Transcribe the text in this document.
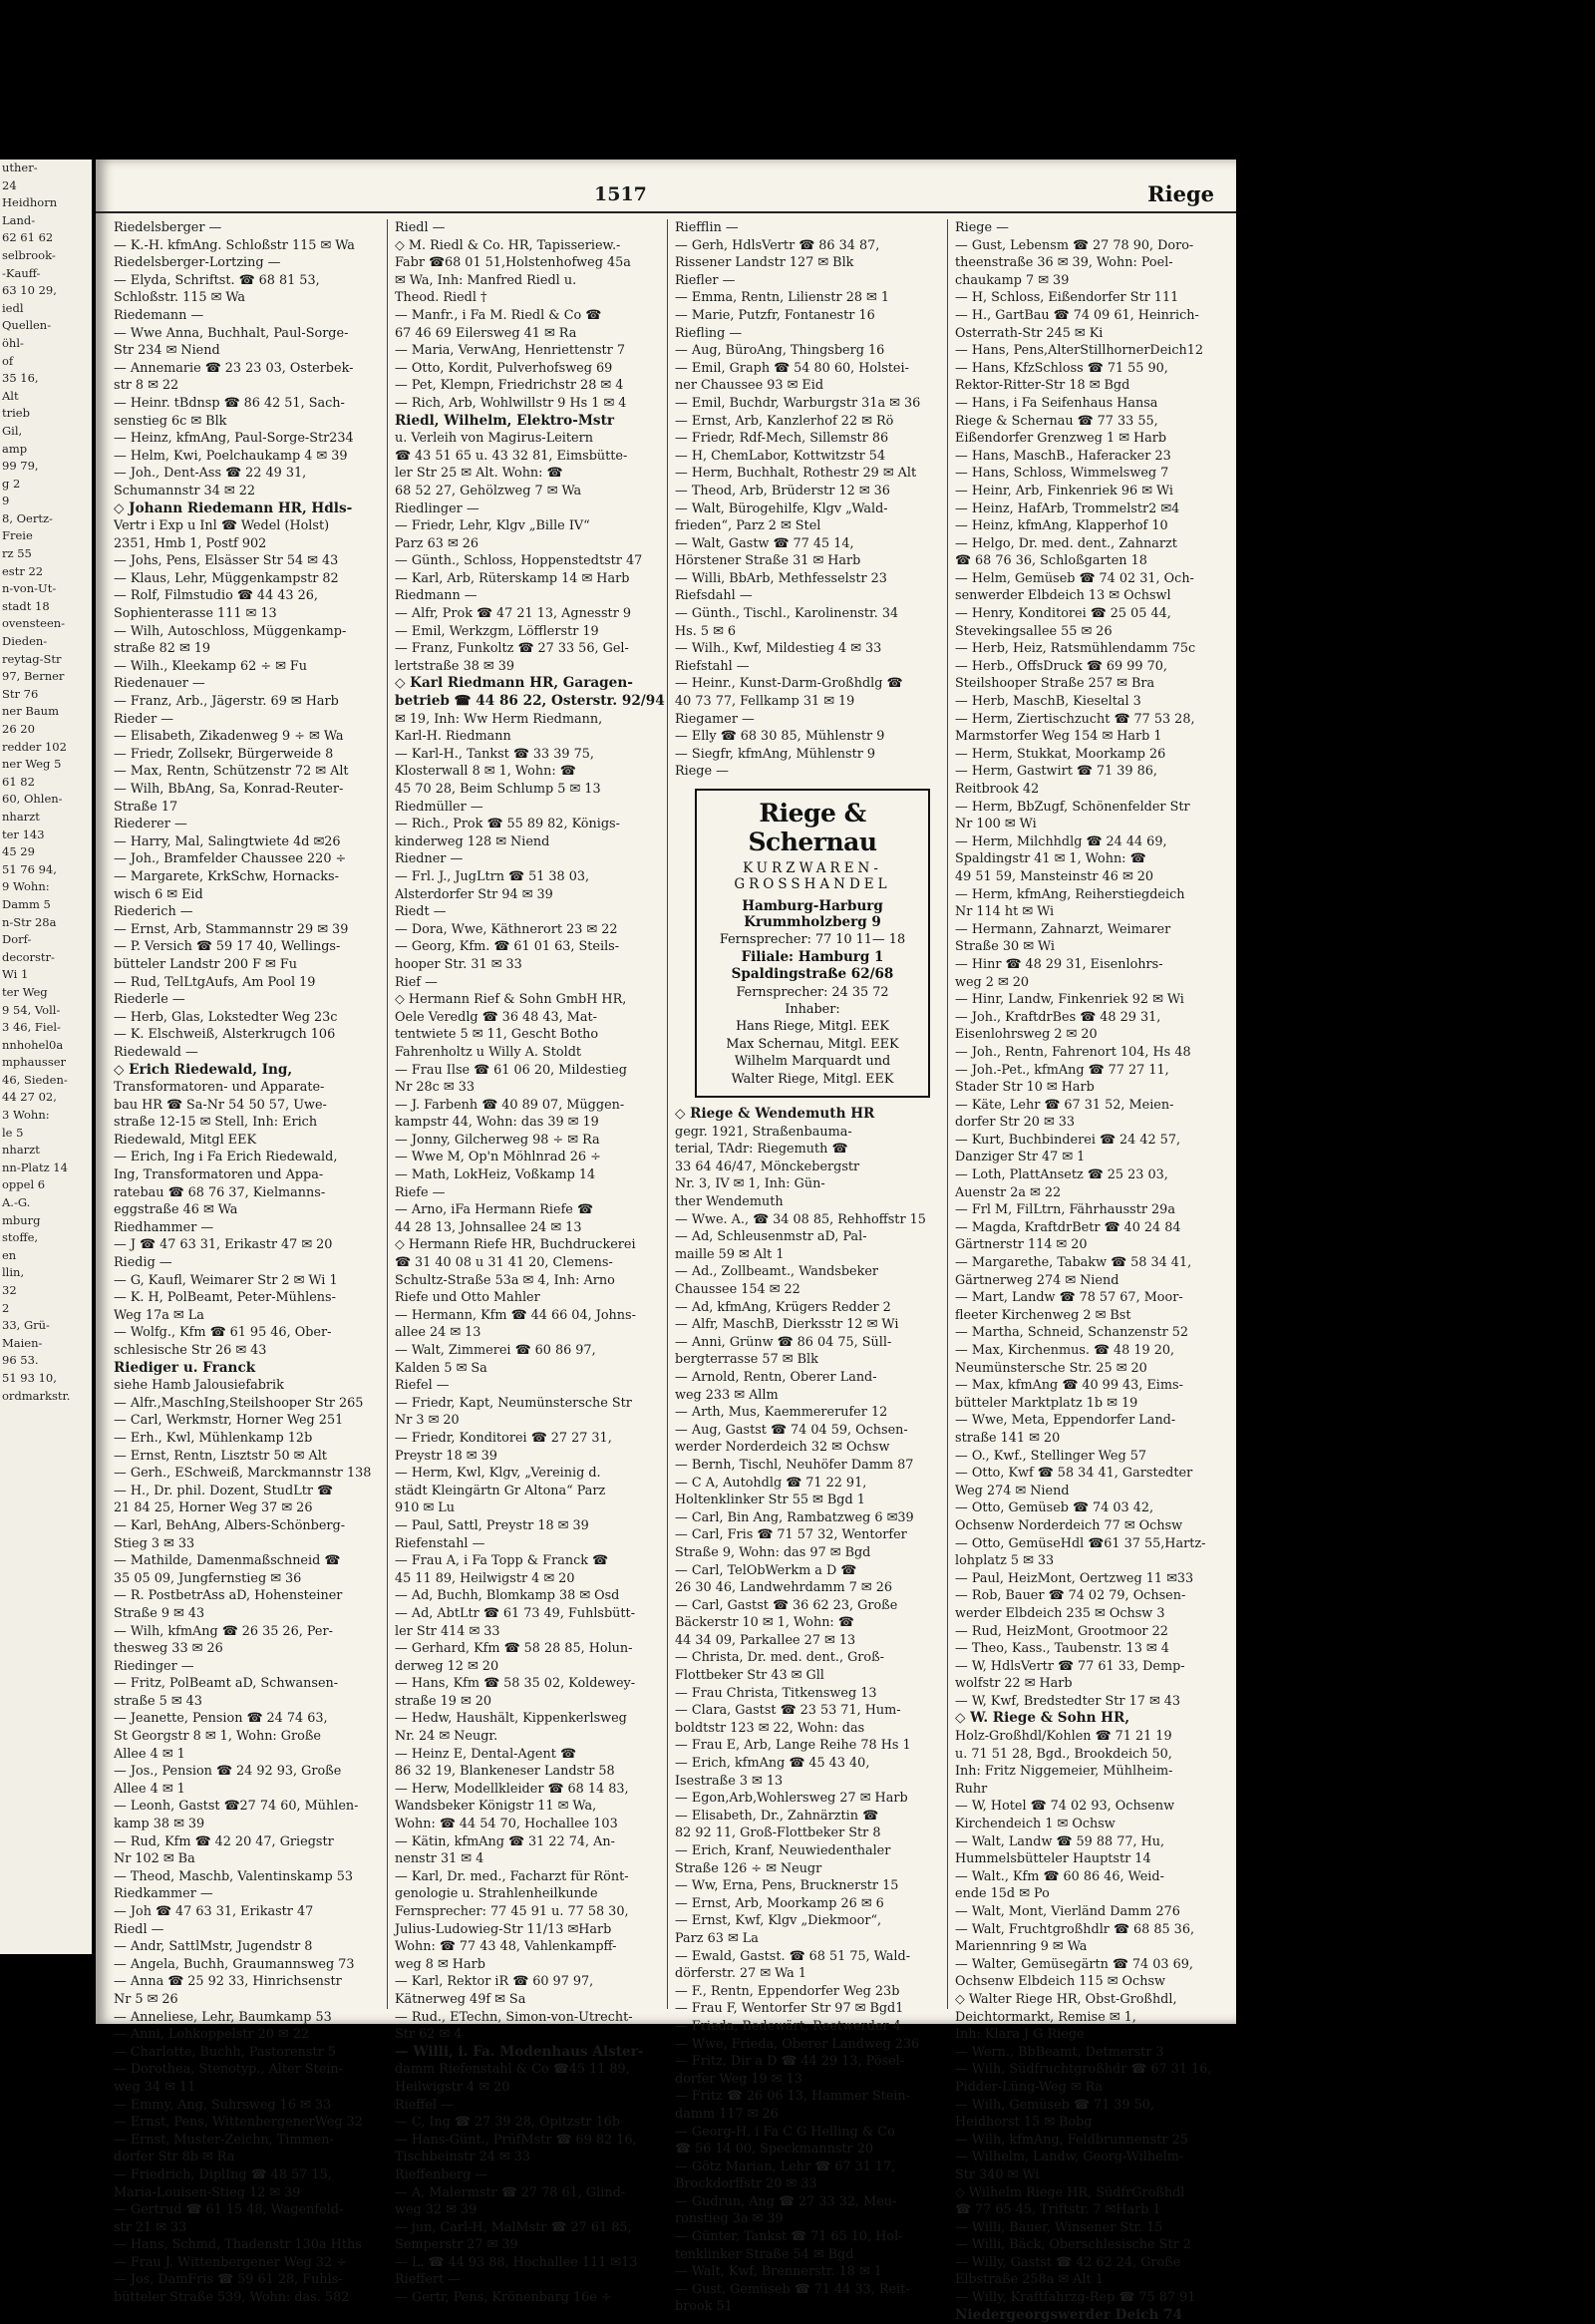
uther-
24
Heidhorn
Land-
62 61 62
selbrook-
-Kauff-
63 10 29,
iedl
Quellen-
öhl-
of
35 16,
Alt
trieb
Gil,
amp
99 79,
g 2
9
8, Oertz-
Freie
rz 55
estr 22
n-von-Ut-
stadt 18
ovensteen-
Dieden-
reytag-Str
97, Berner
Str 76
ner Baum
26 20
redder 102
ner Weg 5
61 82
60, Ohlen-
nharzt
ter 143
45 29
51 76 94,
9 Wohn:
Damm 5
n-Str 28a
Dorf-
decorstr-
Wi 1
ter Weg
9 54, Voll-
3 46, Fiel-
nnhohel0a
mphausser
46, Sieden-
44 27 02,
3 Wohn:
le 5
nharzt
nn-Platz 14
oppel 6
A.-G.
mburg
stoffe,
en
llin,
32
2
33, Grü-
Maien-
96 53.
51 93 10,
ordmarkstr.
1517	Riege
Riedelsberger —
— K.-H. kfmAng. Schloßstr 115 ✉ Wa
Riedelsberger-Lortzing —
— Elyda, Schriftst. ☎ 68 81 53,
Schloßstr. 115 ✉ Wa
Riedemann —
— Wwe Anna, Buchhalt, Paul-Sorge-
Str 234 ✉ Niend
— Annemarie ☎ 23 23 03, Osterbek-
str 8 ✉ 22
— Heinr. tBdnsp ☎ 86 42 51, Sach-
senstieg 6c ✉ Blk
— Heinz, kfmAng, Paul-Sorge-Str234
— Helm, Kwi, Poelchaukamp 4 ✉ 39
— Joh., Dent-Ass ☎ 22 49 31,
Schumannstr 34 ✉ 22
◇ Johann Riedemann HR, Hdls-
Vertr i Exp u Inl ☎ Wedel (Holst)
2351, Hmb 1, Postf 902
— Johs, Pens, Elsässer Str 54 ✉ 43
— Klaus, Lehr, Müggenkampstr 82
— Rolf, Filmstudio ☎ 44 43 26,
Sophienterasse 111 ✉ 13
— Wilh, Autoschloss, Müggenkamp-
straße 82 ✉ 19
— Wilh., Kleekamp 62 ÷ ✉ Fu
Riedenauer —
— Franz, Arb., Jägerstr. 69 ✉ Harb
Rieder —
— Elisabeth, Zikadenweg 9 ÷ ✉ Wa
— Friedr, Zollsekr, Bürgerweide 8
— Max, Rentn, Schützenstr 72 ✉ Alt
— Wilh, BbAng, Sa, Konrad-Reuter-
Straße 17
Riederer —
— Harry, Mal, Salingtwiete 4d ✉26
— Joh., Bramfelder Chaussee 220 ÷
— Margarete, KrkSchw, Hornacks-
wisch 6 ✉ Eid
Riederich —
— Ernst, Arb, Stammannstr 29 ✉ 39
— P. Versich ☎ 59 17 40, Wellings-
bütteler Landstr 200 F ✉ Fu
— Rud, TelLtgAufs, Am Pool 19
Riederle —
— Herb, Glas, Lokstedter Weg 23c
— K. Elschweiß, Alsterkrugch 106
Riedewald —
◇ Erich Riedewald, Ing,
Transformatoren- und Apparate-
bau HR ☎ Sa-Nr 54 50 57, Uwe-
straße 12-15 ✉ Stell, Inh: Erich
Riedewald, Mitgl EEK
— Erich, Ing i Fa Erich Riedewald,
Ing, Transformatoren und Appa-
ratebau ☎ 68 76 37, Kielmanns-
eggstraße 46 ✉ Wa
Riedhammer —
— J ☎ 47 63 31, Erikastr 47 ✉ 20
Riedig —
— G, Kaufl, Weimarer Str 2 ✉ Wi 1
— K. H, PolBeamt, Peter-Mühlens-
Weg 17a ✉ La
— Wolfg., Kfm ☎ 61 95 46, Ober-
schlesische Str 26 ✉ 43
Riediger u. Franck
siehe Hamb Jalousiefabrik
— Alfr.,MaschIng,Steilshooper Str 265
— Carl, Werkmstr, Horner Weg 251
— Erh., Kwl, Mühlenkamp 12b
— Ernst, Rentn, Lisztstr 50 ✉ Alt
— Gerh., ESchweiß, Marckmannstr 138
— H., Dr. phil. Dozent, StudLtr ☎
21 84 25, Horner Weg 37 ✉ 26
— Karl, BehAng, Albers-Schönberg-
Stieg 3 ✉ 33
— Mathilde, Damenmaßschneid ☎
35 05 09, Jungfernstieg ✉ 36
— R. PostbetrAss aD, Hohensteiner
Straße 9 ✉ 43
— Wilh, kfmAng ☎ 26 35 26, Per-
thesweg 33 ✉ 26
Riedinger —
— Fritz, PolBeamt aD, Schwansen-
straße 5 ✉ 43
— Jeanette, Pension ☎ 24 74 63,
St Georgstr 8 ✉ 1, Wohn: Große
Allee 4 ✉ 1
— Jos., Pension ☎ 24 92 93, Große
Allee 4 ✉ 1
— Leonh, Gastst ☎27 74 60, Mühlen-
kamp 38 ✉ 39
— Rud, Kfm ☎ 42 20 47, Griegstr
Nr 102 ✉ Ba
— Theod, Maschb, Valentinskamp 53
Riedkammer —
— Joh ☎ 47 63 31, Erikastr 47
Riedl —
— Andr, SattlMstr, Jugendstr 8
— Angela, Buchh, Graumannsweg 73
— Anna ☎ 25 92 33, Hinrichsenstr
Nr 5 ✉ 26
— Anneliese, Lehr, Baumkamp 53
— Anni, Lohkoppelstr 20 ✉ 22
— Charlotte, Buchh, Pastorenstr 5
— Dorothea, Stenotyp., Alter Stein-
weg 34 ✉ 11
— Emmy, Ang, Suhrsweg 16 ✉ 33
— Ernst, Pens, WittenbergenerWeg 32
— Ernst, Muster-Zeichn, Timmen-
dorfer Str 8b ✉ Ra
— Friedrich, DiplIng ☎ 48 57 15,
Maria-Louisen-Stieg 12 ✉ 39
— Gertrud ☎ 61 15 48, Wagenfeld-
str 21 ✉ 33
— Hans, Schmd, Thadenstr 130a Hths
— Frau J. Wittenbergener Weg 32 ÷
— Jos, DamFris ☎ 59 61 28, Fuhls-
bütteler Straße 539, Wohn: das. 582
Riedl —
◇ M. Riedl & Co. HR, Tapisseriew.-
Fabr ☎68 01 51,Holstenhofweg 45a
✉ Wa, Inh: Manfred Riedl u.
Theod. Riedl †
— Manfr., i Fa M. Riedl & Co ☎
67 46 69 Eilersweg 41 ✉ Ra
— Maria, VerwAng, Henriettenstr 7
— Otto, Kordit, Pulverhofsweg 69
— Pet, Klempn, Friedrichstr 28 ✉ 4
— Rich, Arb, Wohlwillstr 9 Hs 1 ✉ 4
Riedl, Wilhelm, Elektro-Mstr
u. Verleih von Magirus-Leitern
☎ 43 51 65 u. 43 32 81, Eimsbütte-
ler Str 25 ✉ Alt. Wohn: ☎
68 52 27, Gehölzweg 7 ✉ Wa
Riedlinger —
— Friedr, Lehr, Klgv „Bille IV“
Parz 63 ✉ 26
— Günth., Schloss, Hoppenstedtstr 47
— Karl, Arb, Rüterskamp 14 ✉ Harb
Riedmann —
— Alfr, Prok ☎ 47 21 13, Agnesstr 9
— Emil, Werkzgm, Löfflerstr 19
— Franz, Funkoltz ☎ 27 33 56, Gel-
lertstraße 38 ✉ 39
◇ Karl Riedmann HR, Garagen-
betrieb ☎ 44 86 22, Osterstr. 92/94
✉ 19, Inh: Ww Herm Riedmann,
Karl-H. Riedmann
— Karl-H., Tankst ☎ 33 39 75,
Klosterwall 8 ✉ 1, Wohn: ☎
45 70 28, Beim Schlump 5 ✉ 13
Riedmüller —
— Rich., Prok ☎ 55 89 82, Königs-
kinderweg 128 ✉ Niend
Riedner —
— Frl. J., JugLtrn ☎ 51 38 03,
Alsterdorfer Str 94 ✉ 39
Riedt —
— Dora, Wwe, Käthnerort 23 ✉ 22
— Georg, Kfm. ☎ 61 01 63, Steils-
hooper Str. 31 ✉ 33
Rief —
◇ Hermann Rief & Sohn GmbH HR,
Oele Veredlg ☎ 36 48 43, Mat-
tentwiete 5 ✉ 11, Gescht Botho
Fahrenholtz u Willy A. Stoldt
— Frau Ilse ☎ 61 06 20, Mildestieg
Nr 28c ✉ 33
— J. Farbenh ☎ 40 89 07, Müggen-
kampstr 44, Wohn: das 39 ✉ 19
— Jonny, Gilcherweg 98 ÷ ✉ Ra
— Wwe M, Op'n Möhlnrad 26 ÷
— Math, LokHeiz, Voßkamp 14
Riefe —
— Arno, iFa Hermann Riefe ☎
44 28 13, Johnsallee 24 ✉ 13
◇ Hermann Riefe HR, Buchdruckerei
☎ 31 40 08 u 31 41 20, Clemens-
Schultz-Straße 53a ✉ 4, Inh: Arno
Riefe und Otto Mahler
— Hermann, Kfm ☎ 44 66 04, Johns-
allee 24 ✉ 13
— Walt, Zimmerei ☎ 60 86 97,
Kalden 5 ✉ Sa
Riefel —
— Friedr, Kapt, Neumünstersche Str
Nr 3 ✉ 20
— Friedr, Konditorei ☎ 27 27 31,
Preystr 18 ✉ 39
— Herm, Kwl, Klgv, „Vereinig d.
städt Kleingärtn Gr Altona“ Parz
910 ✉ Lu
— Paul, Sattl, Preystr 18 ✉ 39
Riefenstahl —
— Frau A, i Fa Topp & Franck ☎
45 11 89, Heilwigstr 4 ✉ 20
— Ad, Buchh, Blomkamp 38 ✉ Osd
— Ad, AbtLtr ☎ 61 73 49, Fuhlsbütt-
ler Str 414 ✉ 33
— Gerhard, Kfm ☎ 58 28 85, Holun-
derweg 12 ✉ 20
— Hans, Kfm ☎ 58 35 02, Koldewey-
straße 19 ✉ 20
— Hedw, Haushält, Kippenkerlsweg
Nr. 24 ✉ Neugr.
— Heinz E, Dental-Agent ☎
86 32 19, Blankeneser Landstr 58
— Herw, Modellkleider ☎ 68 14 83,
Wandsbeker Königstr 11 ✉ Wa,
Wohn: ☎ 44 54 70, Hochallee 103
— Kätin, kfmAng ☎ 31 22 74, An-
nenstr 31 ✉ 4
— Karl, Dr. med., Facharzt für Rönt-
genologie u. Strahlenheilkunde
Fernsprecher: 77 45 91 u. 77 58 30,
Julius-Ludowieg-Str 11/13 ✉Harb
Wohn: ☎ 77 43 48, Vahlenkampff-
weg 8 ✉ Harb
— Karl, Rektor iR ☎ 60 97 97,
Kätnerweg 49f ✉ Sa
— Rud., ETechn, Simon-von-Utrecht-
Str 62 ✉ 4
— Willi, i. Fa. Modenhaus Alster-
damm Riefenstahl & Co ☎45 11 89,
Heilwigstr 4 ✉ 20
Rieffel —
— C, Ing ☎ 27 39 28, Opitzstr 16b
— Hans-Günt., PrüfMstr ☎ 69 82 16,
Tischbeinstr 24 ✉ 33
Rieffenberg —
— A, Malermstr ☎ 27 78 61, Glind-
weg 32 ✉ 39
— jun, Carl-H, MalMstr ☎ 27 61 85,
Semperstr 27 ✉ 39
— L. ☎ 44 93 88, Hochallee 111 ✉13
Rieffert —
— Gertr, Pens, Krönenbarg 16e ÷
Riefflin —
— Gerh, HdlsVertr ☎ 86 34 87,
Rissener Landstr 127 ✉ Blk
Riefler —
— Emma, Rentn, Lilienstr 28 ✉ 1
— Marie, Putzfr, Fontanestr 16
Riefling —
— Aug, BüroAng, Thingsberg 16
— Emil, Graph ☎ 54 80 60, Holstei-
ner Chaussee 93 ✉ Eid
— Emil, Buchdr, Warburgstr 31a ✉ 36
— Ernst, Arb, Kanzlerhof 22 ✉ Rö
— Friedr, Rdf-Mech, Sillemstr 86
— H, ChemLabor, Kottwitzstr 54
— Herm, Buchhalt, Rothestr 29 ✉ Alt
— Theod, Arb, Brüderstr 12 ✉ 36
— Walt, Bürogehilfe, Klgv „Wald-
frieden“, Parz 2 ✉ Stel
— Walt, Gastw ☎ 77 45 14,
Hörstener Straße 31 ✉ Harb
— Willi, BbArb, Methfesselstr 23
Riefsdahl —
— Günth., Tischl., Karolinenstr. 34
Hs. 5 ✉ 6
— Wilh., Kwf, Mildestieg 4 ✉ 33
Riefstahl —
— Heinr., Kunst-Darm-Großhdlg ☎
40 73 77, Fellkamp 31 ✉ 19
Riegamer —
— Elly ☎ 68 30 85, Mühlenstr 9
— Siegfr, kfmAng, Mühlenstr 9
Riege —
Riege & Schernau
KURZWAREN-GROSSHANDEL
Hamburg-Harburg
Krummholzberg 9
Fernsprecher: 77 10 11— 18
Filiale: Hamburg 1
Spaldingstraße 62/68
Fernsprecher: 24 35 72
Inhaber:
Hans Riege, Mitgl. EEK
Max Schernau, Mitgl. EEK
Wilhelm Marquardt und
Walter Riege, Mitgl. EEK
◇ Riege & Wendemuth HR
gegr. 1921, Straßenbauma-
terial, TAdr: Riegemuth ☎
33 64 46/47, Mönckebergstr
Nr. 3, IV ✉ 1, Inh: Gün-
ther Wendemuth
— Wwe. A., ☎ 34 08 85, Rehhoffstr 15
— Ad, Schleusenmstr aD, Pal-
maille 59 ✉ Alt 1
— Ad., Zollbeamt., Wandsbeker
Chaussee 154 ✉ 22
— Ad, kfmAng, Krügers Redder 2
— Alfr, MaschB, Dierksstr 12 ✉ Wi
— Anni, Grünw ☎ 86 04 75, Süll-
bergterrasse 57 ✉ Blk
— Arnold, Rentn, Oberer Land-
weg 233 ✉ Allm
— Arth, Mus, Kaemmererufer 12
— Aug, Gastst ☎ 74 04 59, Ochsen-
werder Norderdeich 32 ✉ Ochsw
— Bernh, Tischl, Neuhöfer Damm 87
— C A, Autohdlg ☎ 71 22 91,
Holtenklinker Str 55 ✉ Bgd 1
— Carl, Bin Ang, Rambatzweg 6 ✉39
— Carl, Fris ☎ 71 57 32, Wentorfer
Straße 9, Wohn: das 97 ✉ Bgd
— Carl, TelObWerkm a D ☎
26 30 46, Landwehrdamm 7 ✉ 26
— Carl, Gastst ☎ 36 62 23, Große
Bäckerstr 10 ✉ 1, Wohn: ☎
44 34 09, Parkallee 27 ✉ 13
— Christa, Dr. med. dent., Groß-
Flottbeker Str 43 ✉ Gll
— Frau Christa, Titkensweg 13
— Clara, Gastst ☎ 23 53 71, Hum-
boldtstr 123 ✉ 22, Wohn: das
— Frau E, Arb, Lange Reihe 78 Hs 1
— Erich, kfmAng ☎ 45 43 40,
Isestraße 3 ✉ 13
— Egon,Arb,Wohlersweg 27 ✉ Harb
— Elisabeth, Dr., Zahnärztin ☎
82 92 11, Groß-Flottbeker Str 8
— Erich, Kranf, Neuwiedenthaler
Straße 126 ÷ ✉ Neugr
— Ww, Erna, Pens, Brucknerstr 15
— Ernst, Arb, Moorkamp 26 ✉ 6
— Ernst, Kwf, Klgv „Diekmoor“,
Parz 63 ✉ La
— Ewald, Gastst. ☎ 68 51 75, Wald-
dörferstr. 27 ✉ Wa 1
— F., Rentn, Eppendorfer Weg 23b
— Frau F, Wentorfer Str 97 ✉ Bgd1
— Frieda, Bedewärt, Reetwerder 4
— Wwe, Frieda, Oberer Landweg 236
— Fritz, Dir a D ☎ 44 29 13, Pösel-
dorfer Weg 19 ✉ 13
— Fritz ☎ 26 06 13, Hammer Stein-
damm 117 ✉ 26
— Georg-H, i Fa C G Helling & Co
☎ 56 14 00, Speckmannstr 20
— Götz Marian, Lehr ☎ 67 31 17,
Brockdorffstr 20 ✉ 33
— Gudrun, Ang ☎ 27 33 32, Meu-
ronstieg 3a ✉ 39
— Günter, Tankst ☎ 71 65 10, Hol-
tenklinker Straße 54 ✉ Bgd
— Walt, Kwf, Brennerstr. 18 ✉ 1
— Gust, Gemüseb ☎ 71 44 33, Reit-
brook 51
Riege —
— Gust, Lebensm ☎ 27 78 90, Doro-
theenstraße 36 ✉ 39, Wohn: Poel-
chaukamp 7 ✉ 39
— H, Schloss, Eißendorfer Str 111
— H., GartBau ☎ 74 09 61, Heinrich-
Osterrath-Str 245 ✉ Ki
— Hans, Pens,AlterStillhornerDeich12
— Hans, KfzSchloss ☎ 71 55 90,
Rektor-Ritter-Str 18 ✉ Bgd
— Hans, i Fa Seifenhaus Hansa
Riege & Schernau ☎ 77 33 55,
Eißendorfer Grenzweg 1 ✉ Harb
— Hans, MaschB., Haferacker 23
— Hans, Schloss, Wimmelsweg 7
— Heinr, Arb, Finkenriek 96 ✉ Wi
— Heinz, HafArb, Trommelstr2 ✉4
— Heinz, kfmAng, Klapperhof 10
— Helgo, Dr. med. dent., Zahnarzt
☎ 68 76 36, Schloßgarten 18
— Helm, Gemüseb ☎ 74 02 31, Och-
senwerder Elbdeich 13 ✉ Ochswl
— Henry, Konditorei ☎ 25 05 44,
Stevekingsallee 55 ✉ 26
— Herb, Heiz, Ratsmühlendamm 75c
— Herb., OffsDruck ☎ 69 99 70,
Steilshooper Straße 257 ✉ Bra
— Herb, MaschB, Kieseltal 3
— Herm, Ziertischzucht ☎ 77 53 28,
Marmstorfer Weg 154 ✉ Harb 1
— Herm, Stukkat, Moorkamp 26
— Herm, Gastwirt ☎ 71 39 86,
Reitbrook 42
— Herm, BbZugf, Schönenfelder Str
Nr 100 ✉ Wi
— Herm, Milchhdlg ☎ 24 44 69,
Spaldingstr 41 ✉ 1, Wohn: ☎
49 51 59, Mansteinstr 46 ✉ 20
— Herm, kfmAng, Reiherstiegdeich
Nr 114 ht ✉ Wi
— Hermann, Zahnarzt, Weimarer
Straße 30 ✉ Wi
— Hinr ☎ 48 29 31, Eisenlohrs-
weg 2 ✉ 20
— Hinr, Landw, Finkenriek 92 ✉ Wi
— Joh., KraftdrBes ☎ 48 29 31,
Eisenlohrsweg 2 ✉ 20
— Joh., Rentn, Fahrenort 104, Hs 48
— Joh.-Pet., kfmAng ☎ 77 27 11,
Stader Str 10 ✉ Harb
— Käte, Lehr ☎ 67 31 52, Meien-
dorfer Str 20 ✉ 33
— Kurt, Buchbinderei ☎ 24 42 57,
Danziger Str 47 ✉ 1
— Loth, PlattAnsetz ☎ 25 23 03,
Auenstr 2a ✉ 22
— Frl M, FilLtrn, Fährhausstr 29a
— Magda, KraftdrBetr ☎ 40 24 84
Gärtnerstr 114 ✉ 20
— Margarethe, Tabakw ☎ 58 34 41,
Gärtnerweg 274 ✉ Niend
— Mart, Landw ☎ 78 57 67, Moor-
fleeter Kirchenweg 2 ✉ Bst
— Martha, Schneid, Schanzenstr 52
— Max, Kirchenmus. ☎ 48 19 20,
Neumünstersche Str. 25 ✉ 20
— Max, kfmAng ☎ 40 99 43, Eims-
bütteler Marktplatz 1b ✉ 19
— Wwe, Meta, Eppendorfer Land-
straße 141 ✉ 20
— O., Kwf., Stellinger Weg 57
— Otto, Kwf ☎ 58 34 41, Garstedter
Weg 274 ✉ Niend
— Otto, Gemüseb ☎ 74 03 42,
Ochsenw Norderdeich 77 ✉ Ochsw
— Otto, GemüseHdl ☎61 37 55,Hartz-
lohplatz 5 ✉ 33
— Paul, HeizMont, Oertzweg 11 ✉33
— Rob, Bauer ☎ 74 02 79, Ochsen-
werder Elbdeich 235 ✉ Ochsw 3
— Rud, HeizMont, Grootmoor 22
— Theo, Kass., Taubenstr. 13 ✉ 4
— W, HdlsVertr ☎ 77 61 33, Demp-
wolfstr 22 ✉ Harb
— W, Kwf, Bredstedter Str 17 ✉ 43
◇ W. Riege & Sohn HR,
Holz-Großhdl/Kohlen ☎ 71 21 19
u. 71 51 28, Bgd., Brookdeich 50,
Inh: Fritz Niggemeier, Mühlheim-
Ruhr
— W, Hotel ☎ 74 02 93, Ochsenw
Kirchendeich 1 ✉ Ochsw
— Walt, Landw ☎ 59 88 77, Hu,
Hummelsbütteler Hauptstr 14
— Walt., Kfm ☎ 60 86 46, Weid-
ende 15d ✉ Po
— Walt, Mont, Vierländ Damm 276
— Walt, Fruchtgroßhdlr ☎ 68 85 36,
Mariennring 9 ✉ Wa
— Walter, Gemüsegärtn ☎ 74 03 69,
Ochsenw Elbdeich 115 ✉ Ochsw
◇ Walter Riege HR, Obst-Großhdl,
Deichtormarkt, Remise ✉ 1,
Inh: Klara J G Riege
— Wern., BbBeamt, Detmerstr 3
— Wilh, Südfruchtgroßhdr ☎ 67 31 16,
Pidder-Lüng-Weg ✉ Ra
— Wilh, Gemüseb ☎ 71 39 50,
Heidhorst 15 ✉ Bobg
— Wilh, kfmAng, Feldbrunnenstr 25
— Wilhelm, Landw, Georg-Wilhelm-
Str 340 ✉ Wi
◇ Wilhelm Riege HR, SüdfrGroßhdl
☎ 77 65 45, Triftstr. 7 ✉Harb 1
— Willi, Bauer, Winsener Str. 15
— Willi, Bäck, Oberschlesische Str 2
— Willy, Gastst ☎ 42 62 24, Große
Elbstraße 258a ✉ Alt 1
— Willy, Kraftfahrzg-Rep ☎ 75 87 91
Niedergeorgswerder Deich 74
